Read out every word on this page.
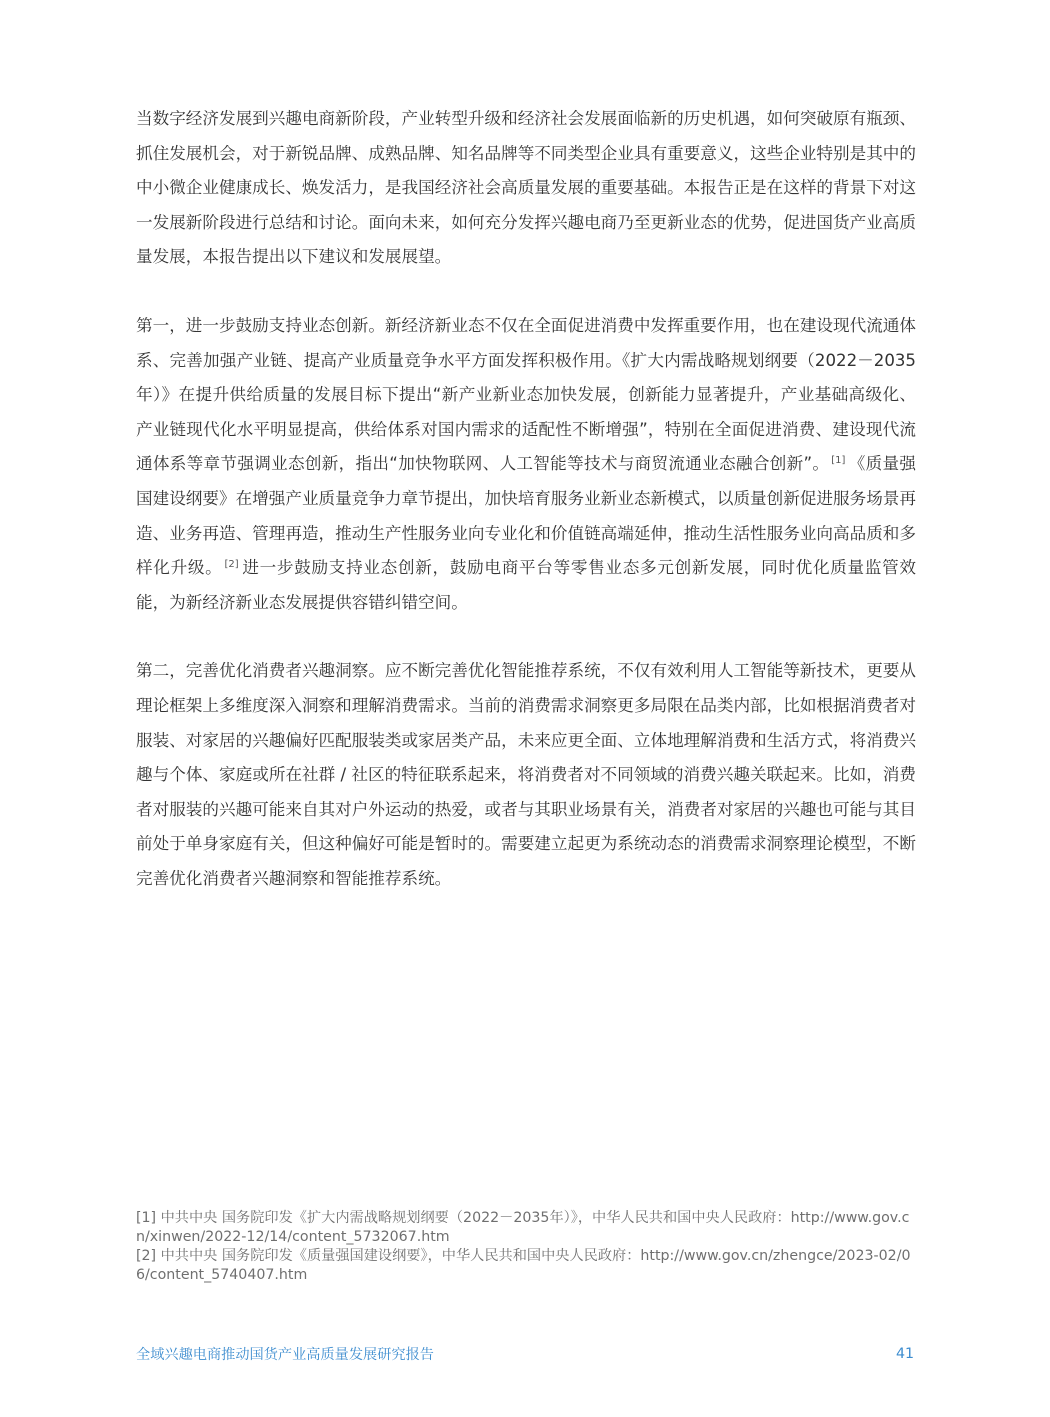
当数字经济发展到兴趣电商新阶段，产业转型升级和经济社会发展面临新的历史机遇，如何突破原有瓶颈、抓住发展机会，对于新锐品牌、成熟品牌、知名品牌等不同类型企业具有重要意义，这些企业特别是其中的中小微企业健康成长、焕发活力，是我国经济社会高质量发展的重要基础。本报告正是在这样的背景下对这一发展新阶段进行总结和讨论。面向未来，如何充分发挥兴趣电商乃至更新业态的优势，促进国货产业高质量发展，本报告提出以下建议和发展展望。

第一，进一步鼓励支持业态创新。新经济新业态不仅在全面促进消费中发挥重要作用，也在建设现代流通体系、完善加强产业链、提高产业质量竞争水平方面发挥积极作用。《扩大内需战略规划纲要（2022－2035年）》在提升供给质量的发展目标下提出“新产业新业态加快发展，创新能力显著提升，产业基础高级化、产业链现代化水平明显提高，供给体系对国内需求的适配性不断增强”，特别在全面促进消费、建设现代流通体系等章节强调业态创新，指出“加快物联网、人工智能等技术与商贸流通业态融合创新”。 [1] 《质量强国建设纲要》在增强产业质量竞争力章节提出，加快培育服务业新业态新模式，以质量创新促进服务场景再造、业务再造、管理再造，推动生产性服务业向专业化和价值链高端延伸，推动生活性服务业向高品质和多样化升级。 [2] 进一步鼓励支持业态创新，鼓励电商平台等零售业态多元创新发展，同时优化质量监管效能，为新经济新业态发展提供容错纠错空间。

第二，完善优化消费者兴趣洞察。应不断完善优化智能推荐系统，不仅有效利用人工智能等新技术，更要从理论框架上多维度深入洞察和理解消费需求。当前的消费需求洞察更多局限在品类内部，比如根据消费者对服装、对家居的兴趣偏好匹配服装类或家居类产品，未来应更全面、立体地理解消费和生活方式，将消费兴趣与个体、家庭或所在社群 / 社区的特征联系起来，将消费者对不同领域的消费兴趣关联起来。比如，消费者对服装的兴趣可能来自其对户外运动的热爱，或者与其职业场景有关，消费者对家居的兴趣也可能与其目前处于单身家庭有关，但这种偏好可能是暂时的。需要建立起更为系统动态的消费需求洞察理论模型，不断完善优化消费者兴趣洞察和智能推荐系统。

[1] 中共中央 国务院印发《扩大内需战略规划纲要（2022－2035年）》，中华人民共和国中央人民政府：http://www.gov.cn/xinwen/2022-12/14/content_5732067.htm

[2] 中共中央 国务院印发《质量强国建设纲要》，中华人民共和国中央人民政府：http://www.gov.cn/zhengce/2023-02/06/content_5740407.htm

全域兴趣电商推动国货产业高质量发展研究报告	41
